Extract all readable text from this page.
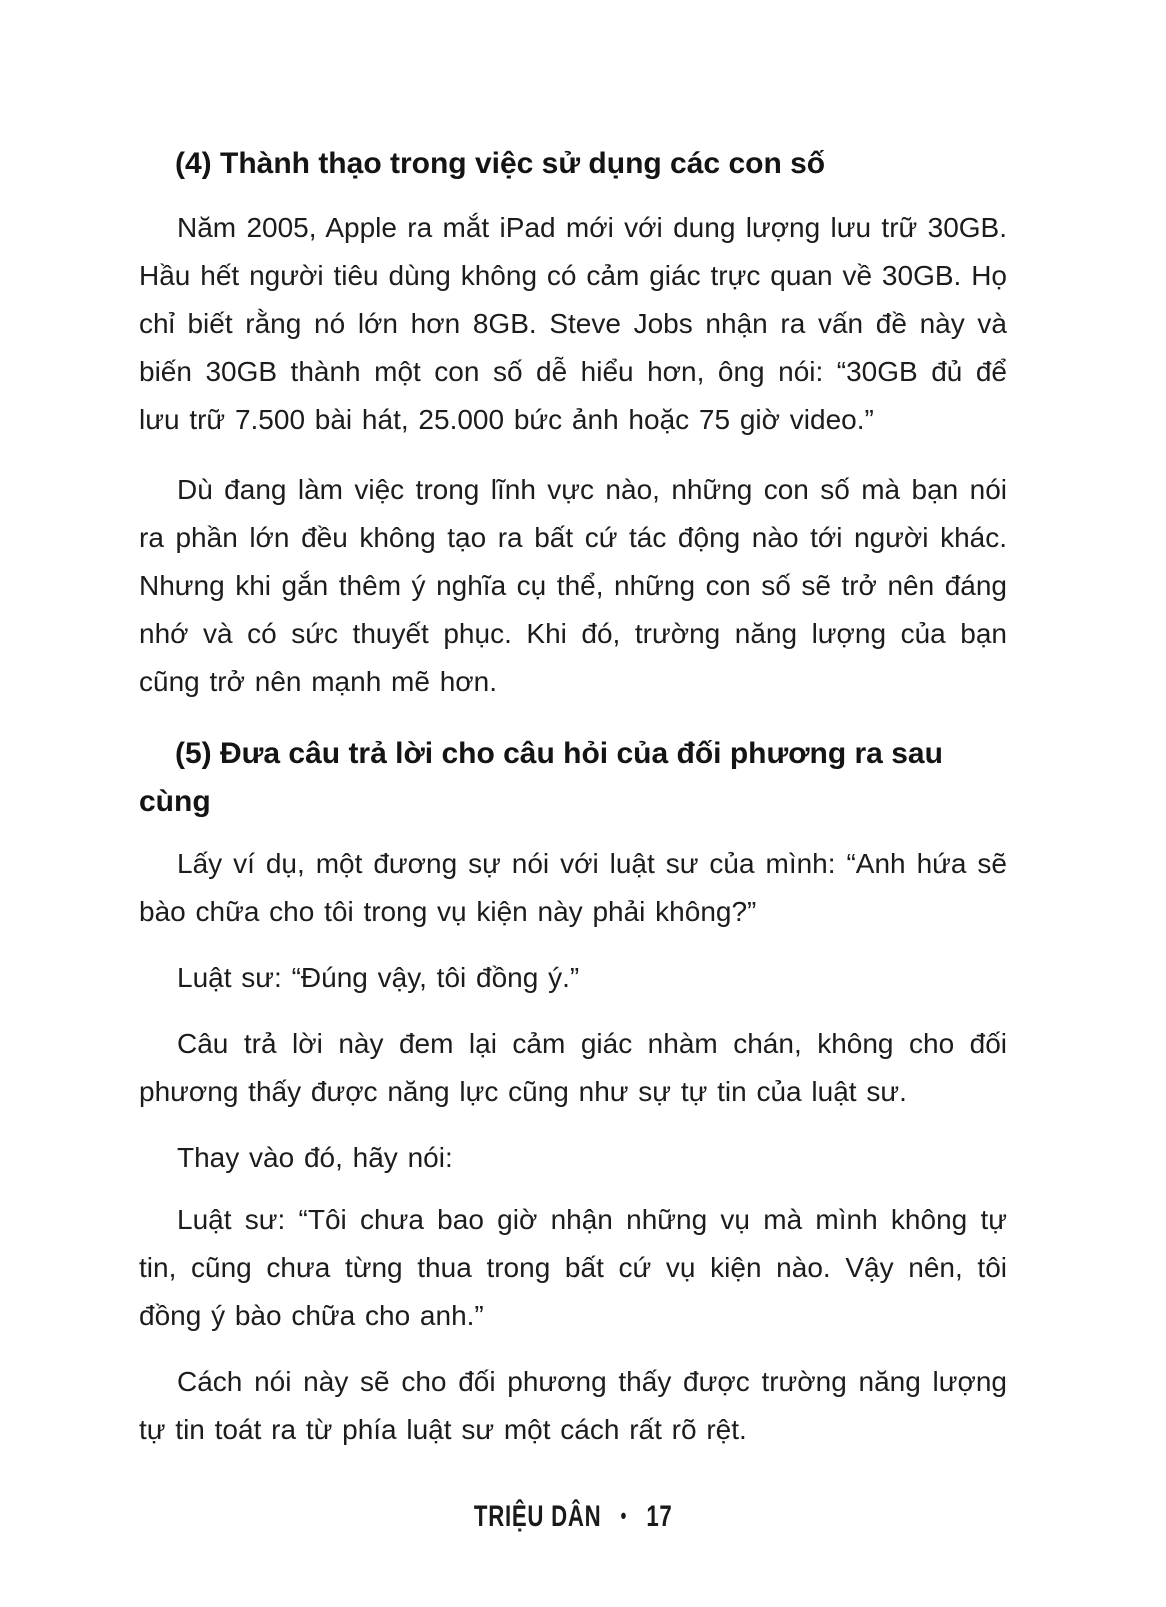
(4) Thành thạo trong việc sử dụng các con số

Năm 2005, Apple ra mắt iPad mới với dung lượng lưu trữ 30GB. Hầu hết người tiêu dùng không có cảm giác trực quan về 30GB. Họ chỉ biết rằng nó lớn hơn 8GB. Steve Jobs nhận ra vấn đề này và biến 30GB thành một con số dễ hiểu hơn, ông nói: “30GB đủ để lưu trữ 7.500 bài hát, 25.000 bức ảnh hoặc 75 giờ video.”

Dù đang làm việc trong lĩnh vực nào, những con số mà bạn nói ra phần lớn đều không tạo ra bất cứ tác động nào tới người khác. Nhưng khi gắn thêm ý nghĩa cụ thể, những con số sẽ trở nên đáng nhớ và có sức thuyết phục. Khi đó, trường năng lượng của bạn cũng trở nên mạnh mẽ hơn.

(5) Đưa câu trả lời cho câu hỏi của đối phương ra sau cùng

Lấy ví dụ, một đương sự nói với luật sư của mình: “Anh hứa sẽ bào chữa cho tôi trong vụ kiện này phải không?”

Luật sư: “Đúng vậy, tôi đồng ý.”

Câu trả lời này đem lại cảm giác nhàm chán, không cho đối phương thấy được năng lực cũng như sự tự tin của luật sư.

Thay vào đó, hãy nói:

Luật sư: “Tôi chưa bao giờ nhận những vụ mà mình không tự tin, cũng chưa từng thua trong bất cứ vụ kiện nào. Vậy nên, tôi đồng ý bào chữa cho anh.”

Cách nói này sẽ cho đối phương thấy được trường năng lượng tự tin toát ra từ phía luật sư một cách rất rõ rệt.

TRIỆU DÂN • 17
